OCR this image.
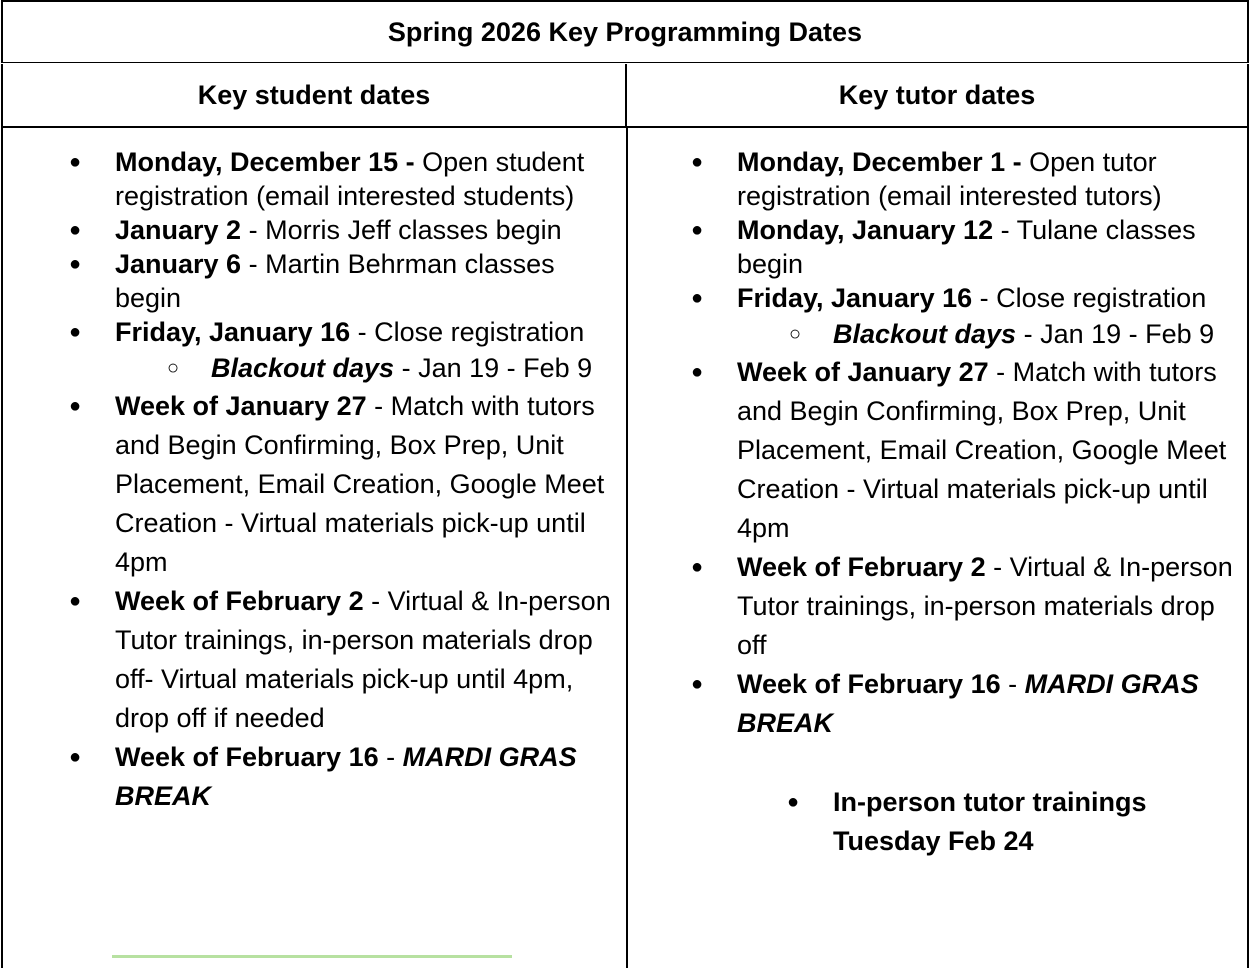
Spring 2026 Key Programming Dates
Key student dates	Key tutor dates
● Monday, December 15 - Open student registration (email interested students)
● January 2 - Morris Jeff classes begin
● January 6 - Martin Behrman classes begin
● Friday, January 16 - Close registration
○ Blackout days - Jan 19 - Feb 9
● Week of January 27 - Match with tutors and Begin Confirming, Box Prep, Unit Placement, Email Creation, Google Meet Creation - Virtual materials pick-up until 4pm
● Week of February 2 - Virtual & In-person Tutor trainings, in-person materials drop off- Virtual materials pick-up until 4pm, drop off if needed
● Week of February 16 - MARDI GRAS BREAK
● Monday, December 1 - Open tutor registration (email interested tutors)
● Monday, January 12 - Tulane classes begin
● Friday, January 16 - Close registration
○ Blackout days - Jan 19 - Feb 9
● Week of January 27 - Match with tutors and Begin Confirming, Box Prep, Unit Placement, Email Creation, Google Meet Creation - Virtual materials pick-up until 4pm
● Week of February 2 - Virtual & In-person Tutor trainings, in-person materials drop off
● Week of February 16 - MARDI GRAS BREAK
● In-person tutor trainings Tuesday Feb 24
